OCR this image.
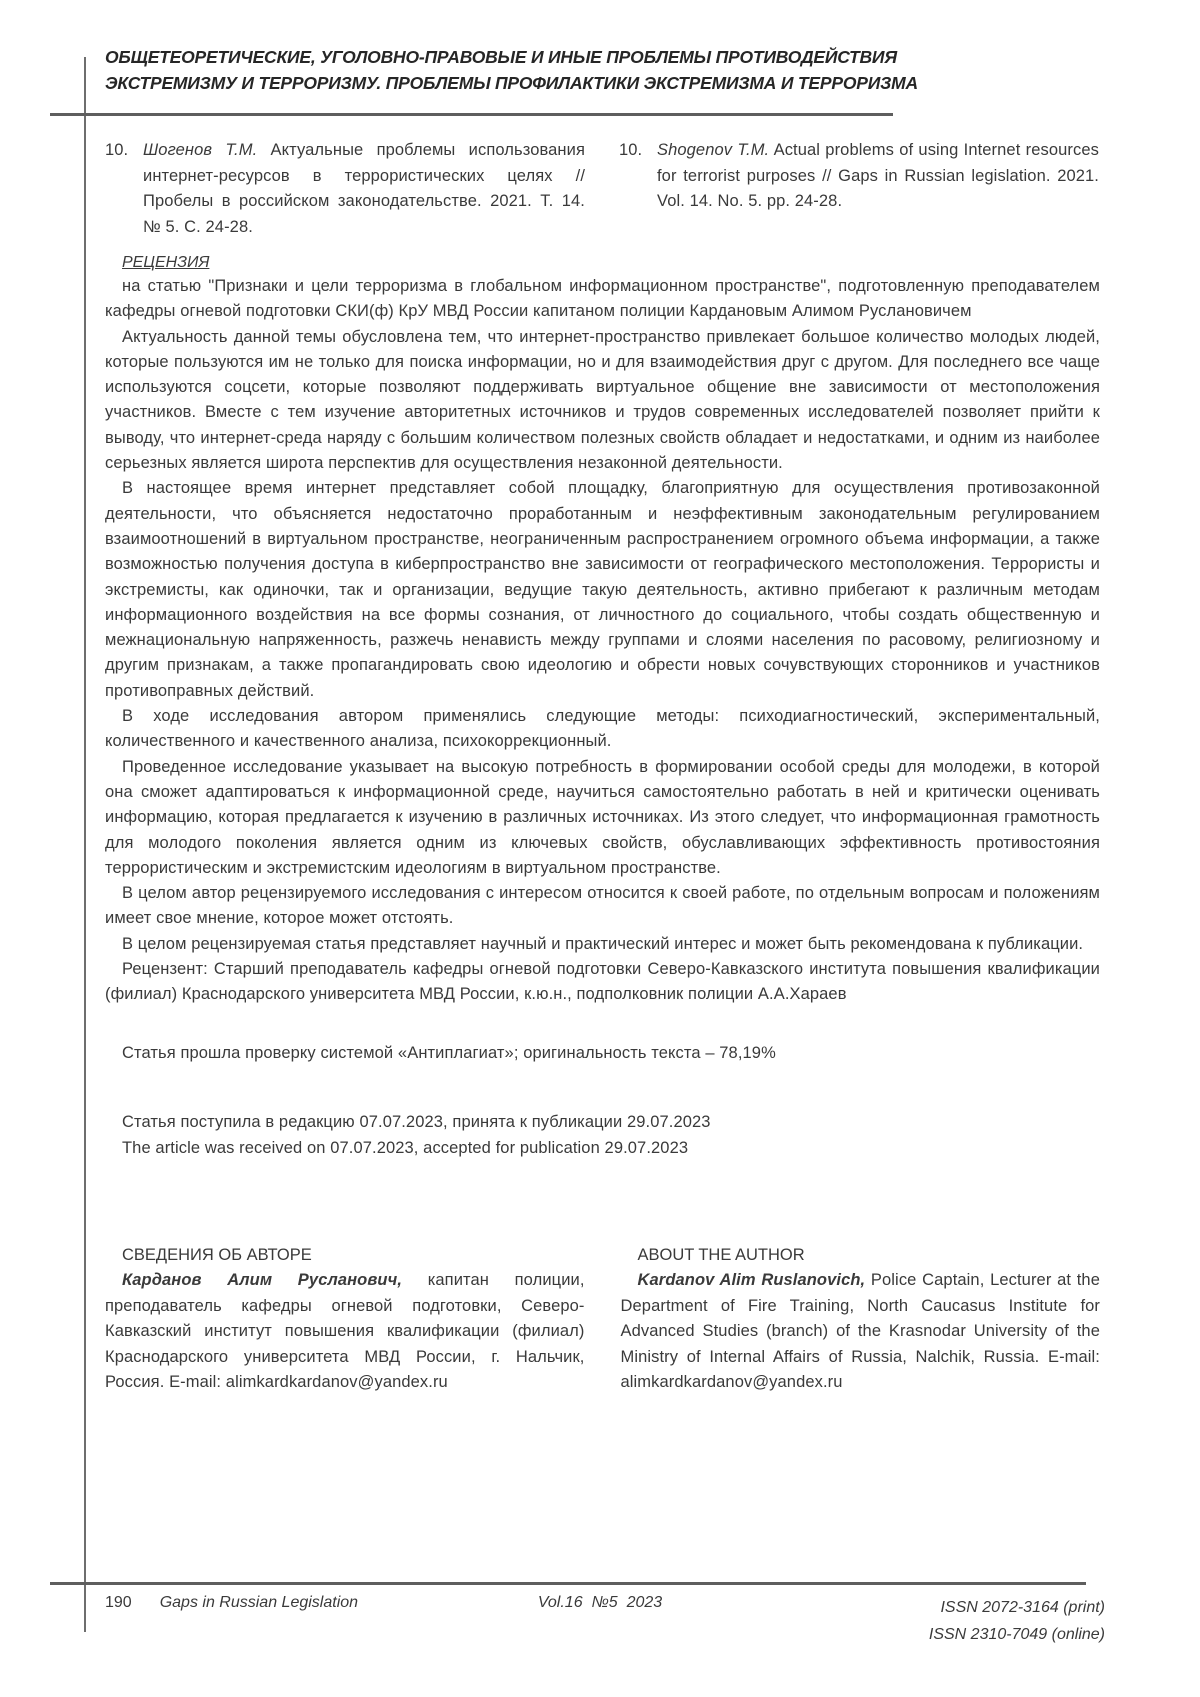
ОБЩЕТЕОРЕТИЧЕСКИЕ, УГОЛОВНО-ПРАВОВЫЕ И ИНЫЕ ПРОБЛЕМЫ ПРОТИВОДЕЙСТВИЯ ЭКСТРЕМИЗМУ И ТЕРРОРИЗМУ. ПРОБЛЕМЫ ПРОФИЛАКТИКИ ЭКСТРЕМИЗМА И ТЕРРОРИЗМА
10. Шогенов Т.М. Актуальные проблемы использования интернет-ресурсов в террористических целях // Пробелы в российском законодательстве. 2021. Т. 14. № 5. С. 24-28.
10. Shogenov T.M. Actual problems of using Internet resources for terrorist purposes // Gaps in Russian legislation. 2021. Vol. 14. No. 5. pp. 24-28.
РЕЦЕНЗИЯ

на статью "Признаки и цели терроризма в глобальном информационном пространстве", подготовленную преподавателем кафедры огневой подготовки СКИ(ф) КрУ МВД России капитаном полиции Кардановым Алимом Руслановичем

Актуальность данной темы обусловлена тем, что интернет-пространство привлекает большое количество молодых людей, которые пользуются им не только для поиска информации, но и для взаимодействия друг с другом. Для последнего все чаще используются соцсети, которые позволяют поддерживать виртуальное общение вне зависимости от местоположения участников. Вместе с тем изучение авторитетных источников и трудов современных исследователей позволяет прийти к выводу, что интернет-среда наряду с большим количеством полезных свойств обладает и недостатками, и одним из наиболее серьезных является широта перспектив для осуществления незаконной деятельности.

В настоящее время интернет представляет собой площадку, благоприятную для осуществления противозаконной деятельности, что объясняется недостаточно проработанным и неэффективным законодательным регулированием взаимоотношений в виртуальном пространстве, неограниченным распространением огромного объема информации, а также возможностью получения доступа в киберпространство вне зависимости от географического местоположения. Террористы и экстремисты, как одиночки, так и организации, ведущие такую деятельность, активно прибегают к различным методам информационного воздействия на все формы сознания, от личностного до социального, чтобы создать общественную и межнациональную напряженность, разжечь ненависть между группами и слоями населения по расовому, религиозному и другим признакам, а также пропагандировать свою идеологию и обрести новых сочувствующих сторонников и участников противоправных действий.

В ходе исследования автором применялись следующие методы: психодиагностический, экспериментальный, количественного и качественного анализа, психокоррекционный.

Проведенное исследование указывает на высокую потребность в формировании особой среды для молодежи, в которой она сможет адаптироваться к информационной среде, научиться самостоятельно работать в ней и критически оценивать информацию, которая предлагается к изучению в различных источниках. Из этого следует, что информационная грамотность для молодого поколения является одним из ключевых свойств, обуславливающих эффективность противостояния террористическим и экстремистским идеологиям в виртуальном пространстве.

В целом автор рецензируемого исследования с интересом относится к своей работе, по отдельным вопросам и положениям имеет свое мнение, которое может отстоять.

В целом рецензируемая статья представляет научный и практический интерес и может быть рекомендована к публикации.

Рецензент: Старший преподаватель кафедры огневой подготовки Северо-Кавказского института повышения квалификации (филиал) Краснодарского университета МВД России, к.ю.н., подполковник полиции А.А.Хараев

Статья прошла проверку системой «Антиплагиат»; оригинальность текста – 78,19%
Статья поступила в редакцию 07.07.2023, принята к публикации 29.07.2023
The article was received on 07.07.2023, accepted for publication 29.07.2023
СВЕДЕНИЯ ОБ АВТОРЕ
Карданов Алим Русланович, капитан полиции, преподаватель кафедры огневой подготовки, Северо-Кавказский институт повышения квалификации (филиал) Краснодарского университета МВД России, г. Нальчик, Россия. E-mail: alimkardkardanov@yandex.ru
ABOUT THE AUTHOR
Kardanov Alim Ruslanovich, Police Captain, Lecturer at the Department of Fire Training, North Caucasus Institute for Advanced Studies (branch) of the Krasnodar University of the Ministry of Internal Affairs of Russia, Nalchik, Russia. E-mail: alimkardkardanov@yandex.ru
190 Gaps in Russian Legislation	Vol.16  №5  2023	ISSN 2072-3164 (print)
ISSN 2310-7049 (online)
